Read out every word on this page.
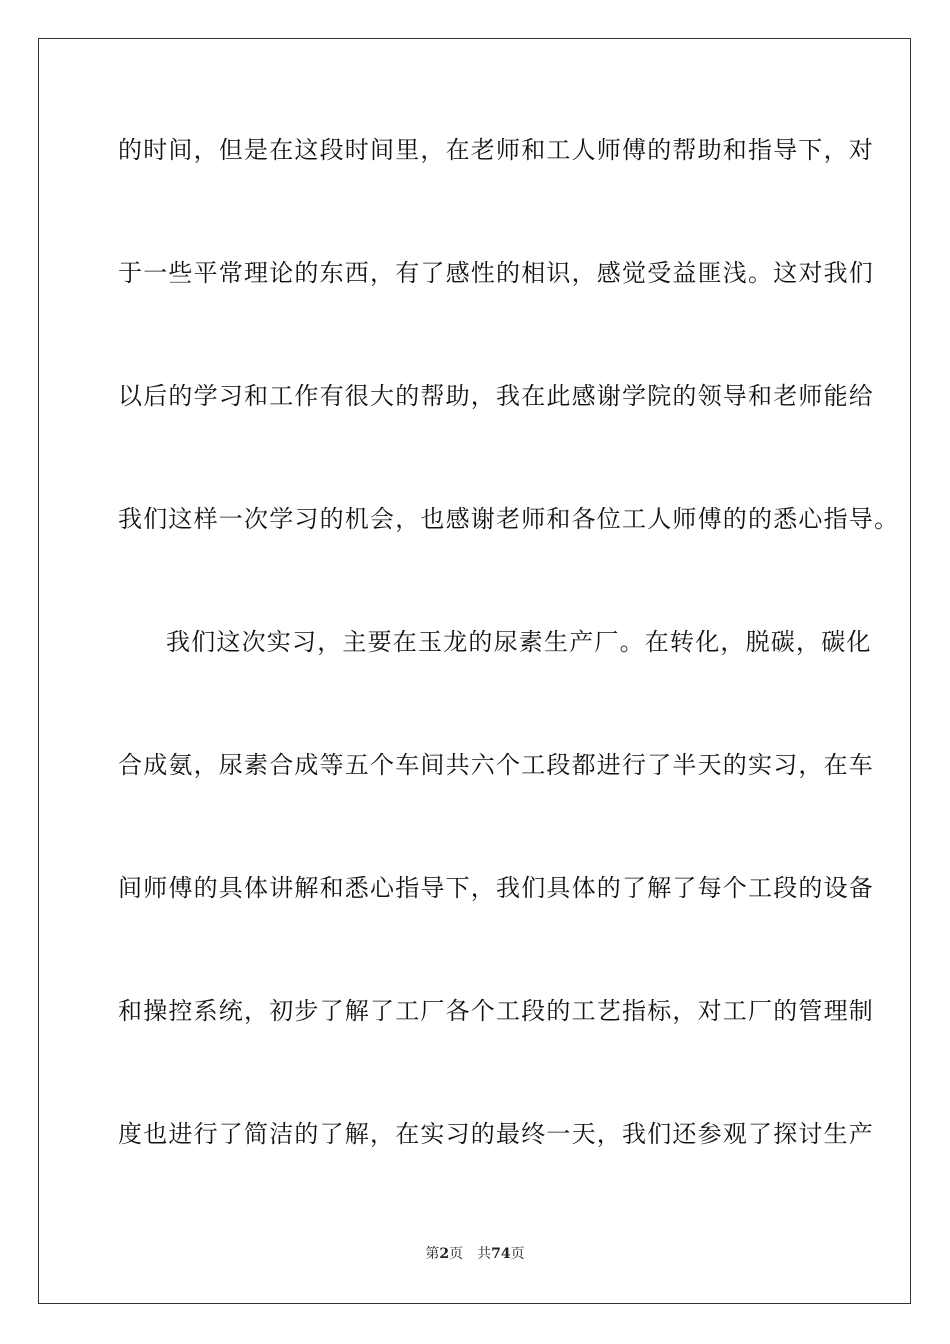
的时间，但是在这段时间里，在老师和工人师傅的帮助和指导下，对
于一些平常理论的东西，有了感性的相识，感觉受益匪浅。这对我们
以后的学习和工作有很大的帮助，我在此感谢学院的领导和老师能给
我们这样一次学习的机会，也感谢老师和各位工人师傅的的悉心指导。
我们这次实习，主要在玉龙的尿素生产厂。在转化，脱碳，碳化
合成氨，尿素合成等五个车间共六个工段都进行了半天的实习，在车
间师傅的具体讲解和悉心指导下，我们具体的了解了每个工段的设备
和操控系统，初步了解了工厂各个工段的工艺指标，对工厂的管理制
度也进行了简洁的了解，在实习的最终一天，我们还参观了探讨生产
第2页 共74页
